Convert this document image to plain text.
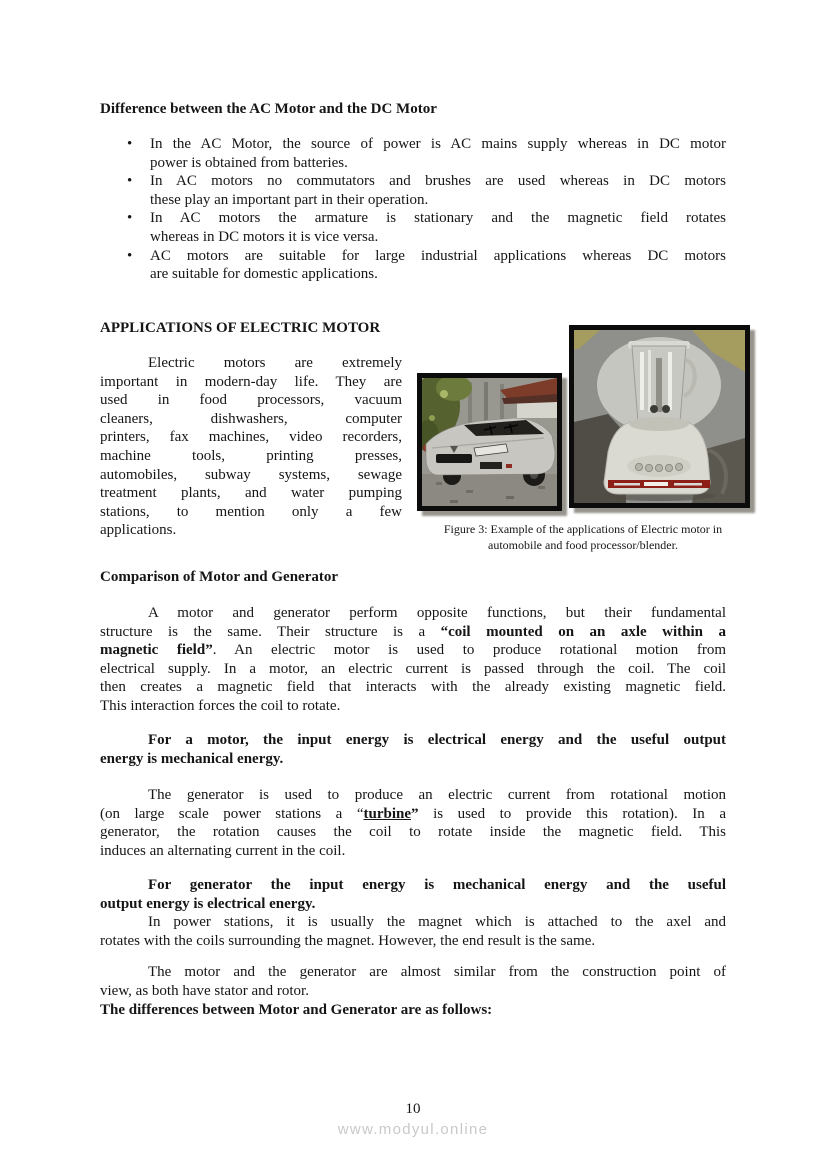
Difference between the AC Motor and the DC Motor
• In the AC Motor, the source of power is AC mains supply whereas in DC motor
power is obtained from batteries.
• In AC motors no commutators and brushes are used whereas in DC motors
these play an important part in their operation.
• In AC motors the armature is stationary and the magnetic field rotates
whereas in DC motors it is vice versa.
• AC motors are suitable for large industrial applications whereas DC motors
are suitable for domestic applications.
APPLICATIONS OF ELECTRIC MOTOR
Electric motors are extremely
important in modern-day life. They are
used in food processors, vacuum
cleaners, dishwashers, computer
printers, fax machines, video recorders,
machine tools, printing presses,
automobiles, subway systems, sewage
treatment plants, and water pumping
stations, to mention only a few
applications.	Figure 3: Example of the applications of Electric motor in
automobile and food processor/blender.
Comparison of Motor and Generator
A motor and generator perform opposite functions, but their fundamental
structure is the same. Their structure is a “coil mounted on an axle within a
magnetic field”. An electric motor is used to produce rotational motion from
electrical supply. In a motor, an electric current is passed through the coil. The coil
then creates a magnetic field that interacts with the already existing magnetic field.
This interaction forces the coil to rotate.
For a motor, the input energy is electrical energy and the useful output
energy is mechanical energy.
The generator is used to produce an electric current from rotational motion
(on large scale power stations a “turbine” is used to provide this rotation). In a
generator, the rotation causes the coil to rotate inside the magnetic field. This
induces an alternating current in the coil.
For generator the input energy is mechanical energy and the useful
output energy is electrical energy.
In power stations, it is usually the magnet which is attached to the axel and
rotates with the coils surrounding the magnet. However, the end result is the same.
The motor and the generator are almost similar from the construction point of
view, as both have stator and rotor.
The differences between Motor and Generator are as follows:
10
www.modyul.online
